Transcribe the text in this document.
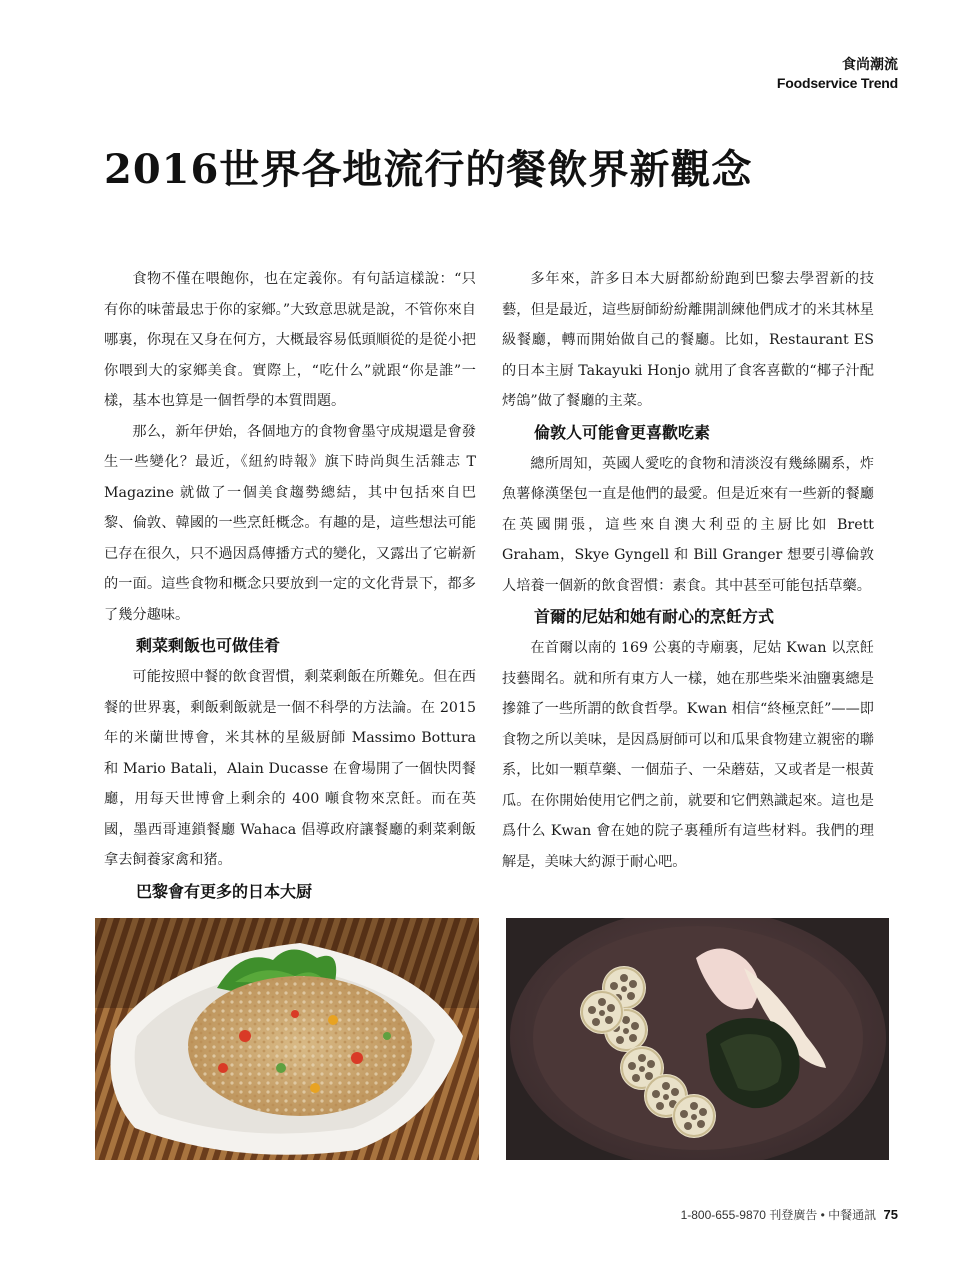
食尚潮流
Foodservice Trend
2016世界各地流行的餐飲界新觀念

食物不僅在喂飽你，也在定義你。有句話這樣說：“只有你的味蕾最忠于你的家鄉。”大致意思就是說，不管你來自哪裏，你現在又身在何方，大概最容易低頭順從的是從小把你喂到大的家鄉美食。實際上，“吃什么”就跟“你是誰”一樣，基本也算是一個哲學的本質問題。

那么，新年伊始，各個地方的食物會墨守成規還是會發生一些變化？最近，《紐約時報》旗下時尚與生活雜志 T Magazine 就做了一個美食趨勢總結，其中包括來自巴黎、倫敦、韓國的一些烹飪概念。有趣的是，這些想法可能已存在很久，只不過因爲傳播方式的變化，又露出了它嶄新的一面。這些食物和概念只要放到一定的文化背景下，都多了幾分趣味。

剩菜剩飯也可做佳肴

可能按照中餐的飲食習慣，剩菜剩飯在所難免。但在西餐的世界裏，剩飯剩飯就是一個不科學的方法論。在 2015 年的米蘭世博會，米其林的星級厨師 Massimo Bottura 和 Mario Batali，Alain Ducasse 在會場開了一個快閃餐廳，用每天世博會上剩余的 400 噸食物來烹飪。而在英國，墨西哥連鎖餐廳 Wahaca 倡導政府讓餐廳的剩菜剩飯拿去飼養家禽和猪。

巴黎會有更多的日本大厨

多年來，許多日本大厨都紛紛跑到巴黎去學習新的技藝，但是最近，這些厨師紛紛離開訓練他們成才的米其林星級餐廳，轉而開始做自己的餐廳。比如，Restaurant ES 的日本主厨 Takayuki Honjo 就用了食客喜歡的“椰子汁配烤鴿”做了餐廳的主菜。

倫敦人可能會更喜歡吃素

總所周知，英國人愛吃的食物和清淡沒有幾絲關系，炸魚薯條漢堡包一直是他們的最愛。但是近來有一些新的餐廳在英國開張，這些來自澳大利亞的主厨比如 Brett Graham，Skye Gyngell 和 Bill Granger 想要引導倫敦人培養一個新的飲食習慣：素食。其中甚至可能包括草藥。

首爾的尼姑和她有耐心的烹飪方式

在首爾以南的 169 公裏的寺廟裏，尼姑 Kwan 以烹飪技藝聞名。就和所有東方人一樣，她在那些柴米油鹽裏總是摻雜了一些所謂的飲食哲學。Kwan 相信“終極烹飪”——即食物之所以美味，是因爲厨師可以和瓜果食物建立親密的聯系，比如一顆草藥、一個茄子、一朵蘑菇，又或者是一根黃瓜。在你開始使用它們之前，就要和它們熟識起來。這也是爲什么 Kwan 會在她的院子裏種所有這些材料。我們的理解是，美味大約源于耐心吧。

1-800-655-9870 刊登廣告 • 中餐通訊 75
